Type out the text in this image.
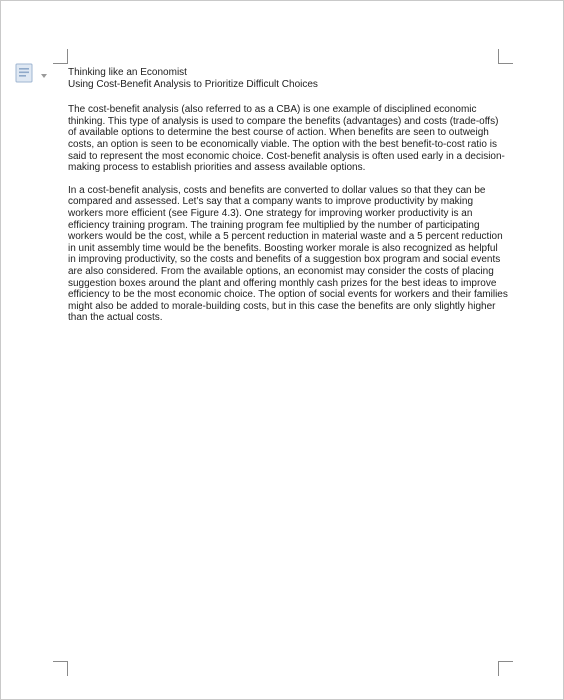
Thinking like an Economist
Using Cost-Benefit Analysis to Prioritize Difficult Choices

The cost-benefit analysis (also referred to as a CBA) is one example of disciplined economic thinking. This type of analysis is used to compare the benefits (advantages) and costs (trade-offs) of available options to determine the best course of action. When benefits are seen to outweigh costs, an option is seen to be economically viable. The option with the best benefit-to-cost ratio is said to represent the most economic choice. Cost-benefit analysis is often used early in a decision-making process to establish priorities and assess available options.

In a cost-benefit analysis, costs and benefits are converted to dollar values so that they can be compared and assessed. Let’s say that a company wants to improve productivity by making workers more efficient (see Figure 4.3). One strategy for improving worker productivity is an efficiency training program. The training program fee multiplied by the number of participating workers would be the cost, while a 5 percent reduction in material waste and a 5 percent reduction in unit assembly time would be the benefits. Boosting worker morale is also recognized as helpful in improving productivity, so the costs and benefits of a suggestion box program and social events are also considered. From the available options, an economist may consider the costs of placing suggestion boxes around the plant and offering monthly cash prizes for the best ideas to improve efficiency to be the most economic choice. The option of social events for workers and their families might also be added to morale-building costs, but in this case the benefits are only slightly higher than the actual costs.
